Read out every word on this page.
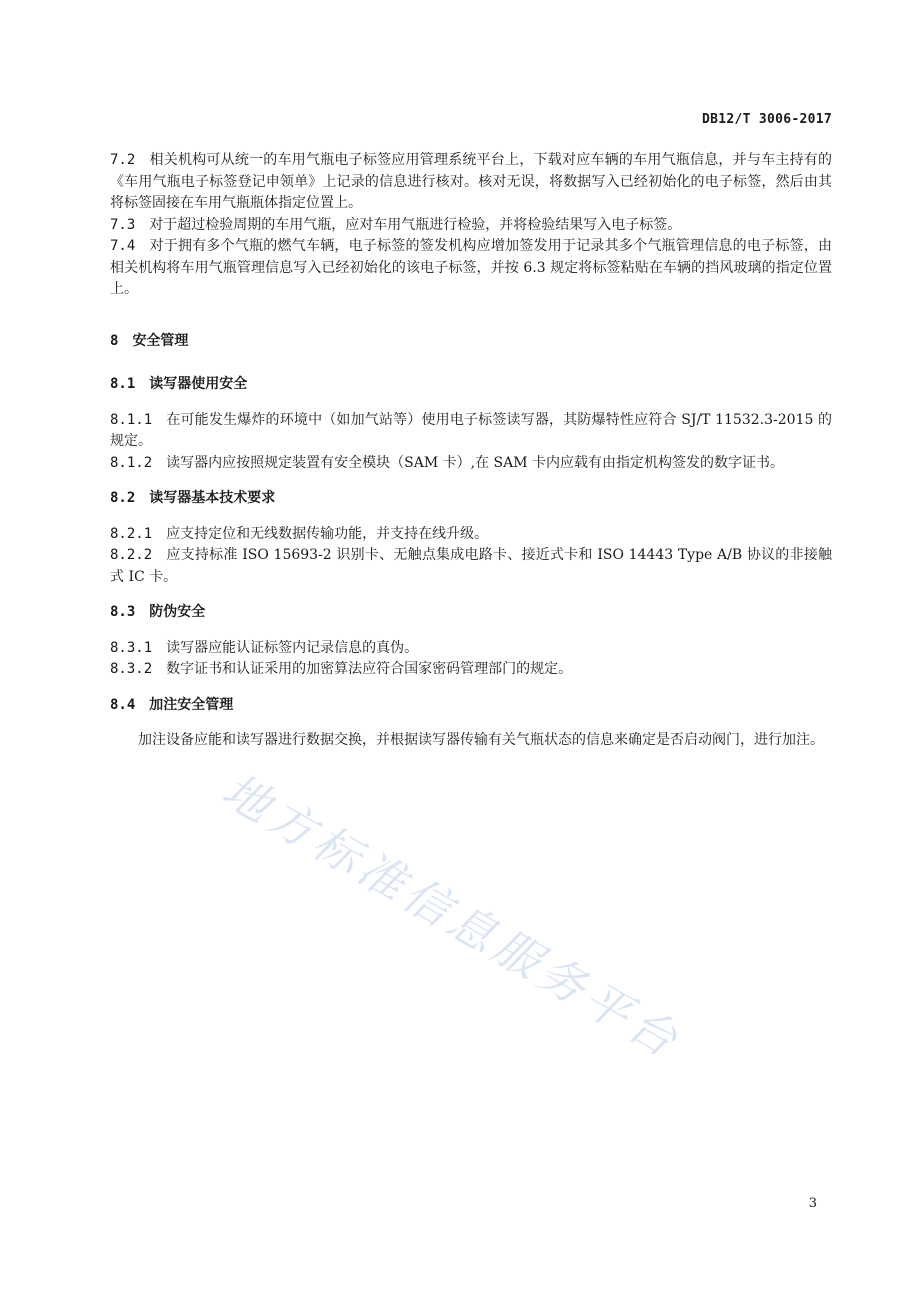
DB12/T 3006-2017

7.2 相关机构可从统一的车用气瓶电子标签应用管理系统平台上，下载对应车辆的车用气瓶信息，并与车主持有的《车用气瓶电子标签登记申领单》上记录的信息进行核对。核对无误，将数据写入已经初始化的电子标签，然后由其将标签固接在车用气瓶瓶体指定位置上。

7.3 对于超过检验周期的车用气瓶，应对车用气瓶进行检验，并将检验结果写入电子标签。

7.4 对于拥有多个气瓶的燃气车辆，电子标签的签发机构应增加签发用于记录其多个气瓶管理信息的电子标签，由相关机构将车用气瓶管理信息写入已经初始化的该电子标签，并按 6.3 规定将标签粘贴在车辆的挡风玻璃的指定位置上。

8 安全管理

8.1 读写器使用安全

8.1.1 在可能发生爆炸的环境中（如加气站等）使用电子标签读写器，其防爆特性应符合 SJ/T 11532.3-2015 的规定。

8.1.2 读写器内应按照规定装置有安全模块（SAM 卡）,在 SAM 卡内应载有由指定机构签发的数字证书。

8.2 读写器基本技术要求

8.2.1 应支持定位和无线数据传输功能，并支持在线升级。

8.2.2 应支持标准 ISO 15693-2 识别卡、无触点集成电路卡、接近式卡和 ISO 14443 Type A/B 协议的非接触式 IC 卡。

8.3 防伪安全

8.3.1 读写器应能认证标签内记录信息的真伪。

8.3.2 数字证书和认证采用的加密算法应符合国家密码管理部门的规定。

8.4 加注安全管理

加注设备应能和读写器进行数据交换，并根据读写器传输有关气瓶状态的信息来确定是否启动阀门，进行加注。

地方标准信息服务平台
3
